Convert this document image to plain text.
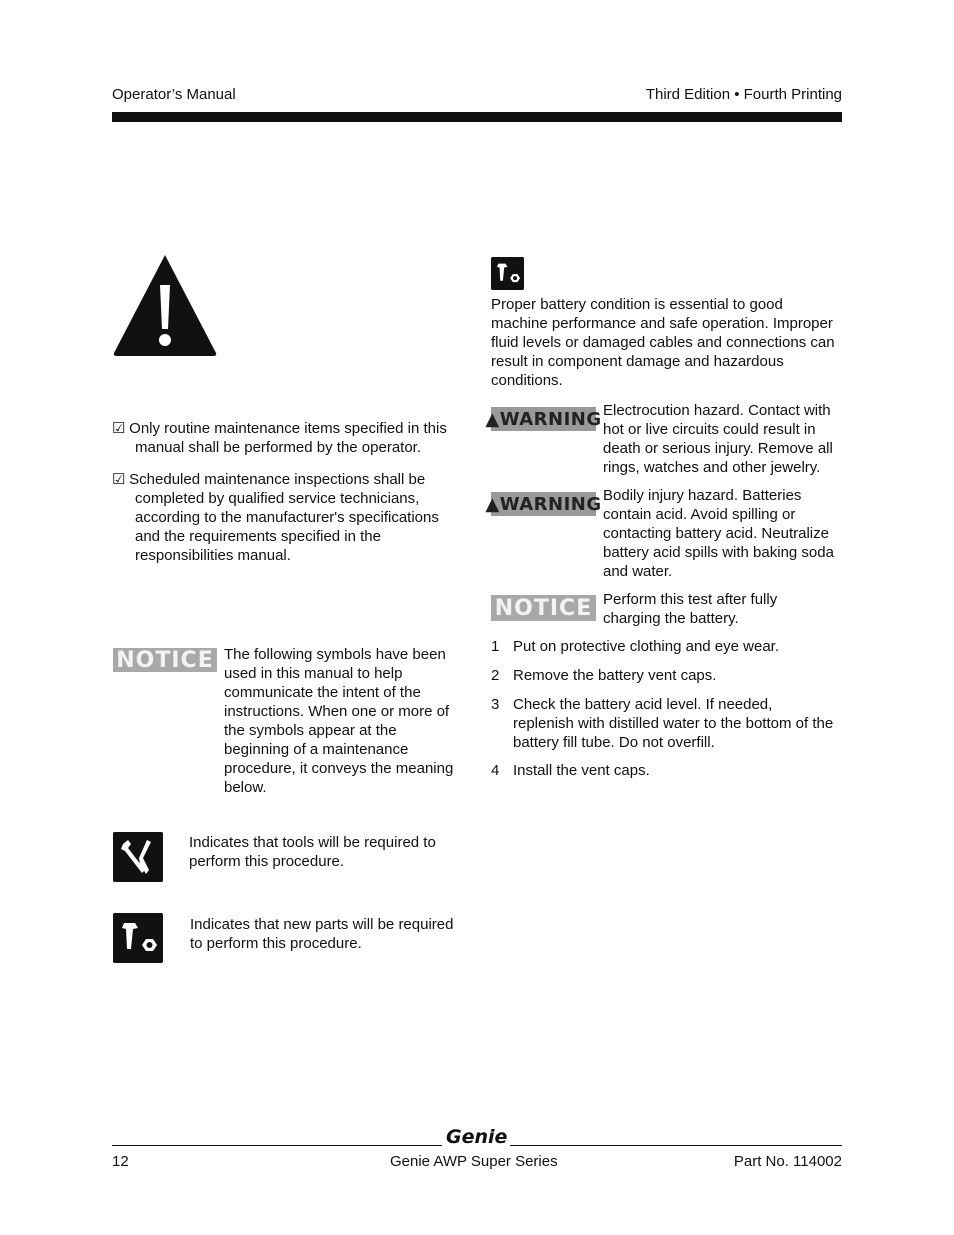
Operator’s Manual	Third Edition • Fourth Printing
☑ Only routine maintenance items specified in this
manual shall be performed by the operator.
☑ Scheduled maintenance inspections shall be
completed by qualified service technicians,
according to the manufacturer's specifications
and the requirements specified in the
responsibilities manual.
NOTICE The following symbols have been
used in this manual to help
communicate the intent of the
instructions. When one or more of
the symbols appear at the
beginning of a maintenance
procedure, it conveys the meaning
below.
Indicates that tools will be required to
perform this procedure.
Indicates that new parts will be required
to perform this procedure.
Proper battery condition is essential to good
machine performance and safe operation. Improper
fluid levels or damaged cables and connections can
result in component damage and hazardous
conditions.
▲ WARNING Electrocution hazard. Contact with
hot or live circuits could result in
death or serious injury. Remove all
rings, watches and other jewelry.
▲ WARNING Bodily injury hazard. Batteries
contain acid. Avoid spilling or
contacting battery acid. Neutralize
battery acid spills with baking soda
and water.
NOTICE Perform this test after fully
charging the battery.
1 Put on protective clothing and eye wear.
2 Remove the battery vent caps.
3 Check the battery acid level. If needed,
replenish with distilled water to the bottom of the
battery fill tube. Do not overfill.
4 Install the vent caps.
Genie
12	Genie AWP Super Series	Part No. 114002
